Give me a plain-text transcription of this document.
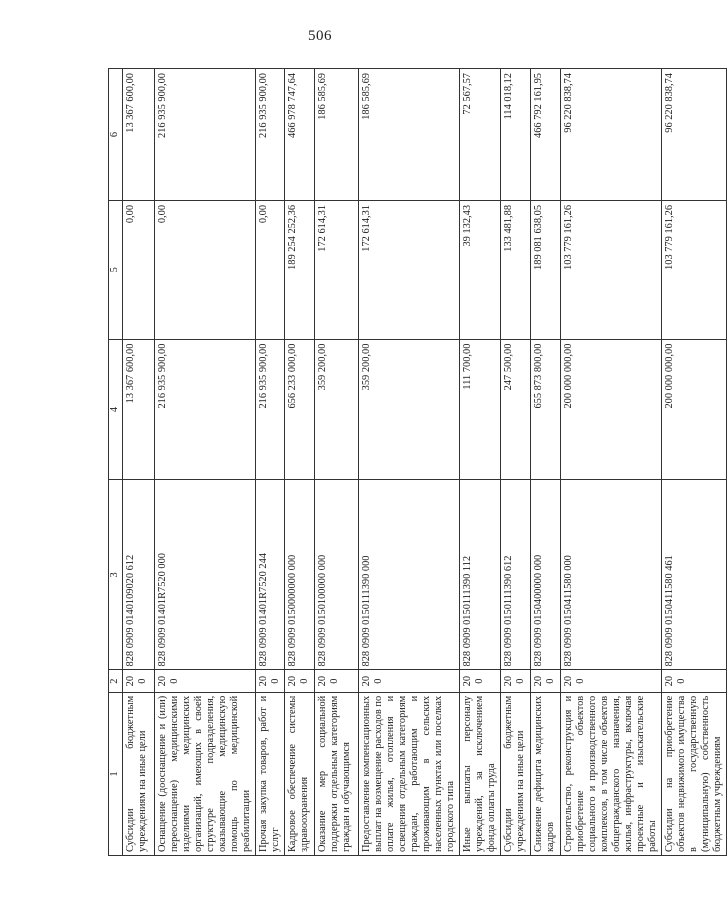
506
1	2	3	4	5	6
Субсидии бюджетным учреждениям на иные цели	200	828 0909 0140109020 612	13 367 600,00	0,00	13 367 600,00
Оснащение (дооснащение и (или) переоснащение) медицинскими изделиями медицинских организаций, имеющих в своей структуре подразделения, оказывающие медицинскую помощь по медицинской реабилитации	200	828 0909 01401R7520 000	216 935 900,00	0,00	216 935 900,00
Прочая закупка товаров, работ и услуг	200	828 0909 01401R7520 244	216 935 900,00	0,00	216 935 900,00
Кадровое обеспечение системы здравоохранения	200	828 0909 0150000000 000	656 233 000,00	189 254 252,36	466 978 747,64
Оказание мер социальной поддержки отдельным категориям граждан и обучающимся	200	828 0909 0150100000 000	359 200,00	172 614,31	186 585,69
Предоставление компенсационных выплат на возмещение расходов по оплате жилья, отопления и освещения отдельным категориям граждан, работающим и проживающим в сельских населенных пунктах или поселках городского типа	200	828 0909 0150111390 000	359 200,00	172 614,31	186 585,69
Иные выплаты персоналу учреждений, за исключением фонда оплаты труда	200	828 0909 0150111390 112	111 700,00	39 132,43	72 567,57
Субсидии бюджетным учреждениям на иные цели	200	828 0909 0150111390 612	247 500,00	133 481,88	114 018,12
Снижение дефицита медицинских кадров	200	828 0909 0150400000 000	655 873 800,00	189 081 638,05	466 792 161,95
Строительство, реконструкция и приобретение объектов социального и производственного комплексов, в том числе объектов общегражданского назначения, жилья, инфраструктуры, включая проектные и изыскательские работы	200	828 0909 0150411580 000	200 000 000,00	103 779 161,26	96 220 838,74
Субсидии на приобретение объектов недвижимого имущества в государственную (муниципальную) собственность бюджетным учреждениям	200	828 0909 0150411580 461	200 000 000,00	103 779 161,26	96 220 838,74
